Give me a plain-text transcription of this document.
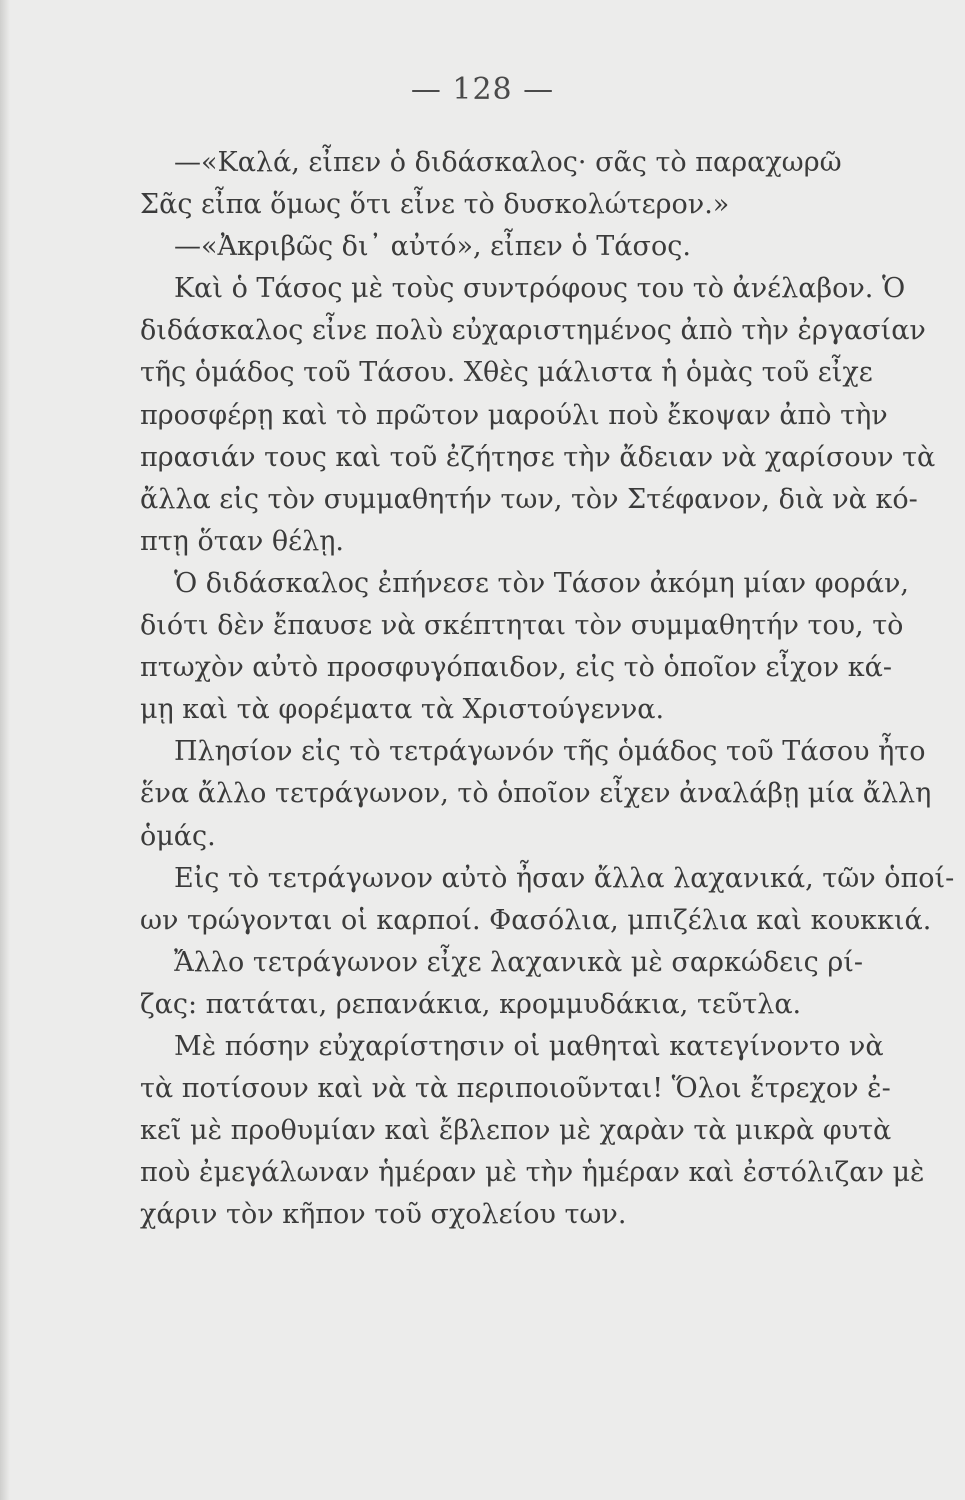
— 128 —
—«Καλά, εἶπεν ὁ διδάσκαλος· σᾶς τὸ παραχωρῶ
Σᾶς εἶπα ὅμως ὅτι εἶνε τὸ δυσκολώτερον.»
—«Ἀκριβῶς δι᾽ αὐτό», εἶπεν ὁ Τάσος.
Καὶ ὁ Τάσος μὲ τοὺς συντρόφους του τὸ ἀνέλαβον. Ὁ
διδάσκαλος εἶνε πολὺ εὐχαριστημένος ἀπὸ τὴν ἐργασίαν
τῆς ὁμάδος τοῦ Τάσου. Χθὲς μάλιστα ἡ ὁμὰς τοῦ εἶχε
προσφέρῃ καὶ τὸ πρῶτον μαρούλι ποὺ ἔκοψαν ἀπὸ τὴν
πρασιάν τους καὶ τοῦ ἐζήτησε τὴν ἄδειαν νὰ χαρίσουν τὰ
ἄλλα εἰς τὸν συμμαθητήν των, τὸν Στέφανον, διὰ νὰ κό-
πτῃ ὅταν θέλῃ.
Ὁ διδάσκαλος ἐπήνεσε τὸν Τάσον ἀκόμη μίαν φοράν,
διότι δὲν ἔπαυσε νὰ σκέπτηται τὸν συμμαθητήν του, τὸ
πτωχὸν αὐτὸ προσφυγόπαιδον, εἰς τὸ ὁποῖον εἶχον κά-
μῃ καὶ τὰ φορέματα τὰ Χριστούγεννα.
Πλησίον εἰς τὸ τετράγωνόν τῆς ὁμάδος τοῦ Τάσου ἦτο
ἕνα ἄλλο τετράγωνον, τὸ ὁποῖον εἶχεν ἀναλάβῃ μία ἄλλη
ὁμάς.
Εἰς τὸ τετράγωνον αὐτὸ ἦσαν ἄλλα λαχανικά, τῶν ὁποί-
ων τρώγονται οἱ καρποί. Φασόλια, μπιζέλια καὶ κουκκιά.
Ἄλλο τετράγωνον εἶχε λαχανικὰ μὲ σαρκώδεις ρί-
ζας: πατάται, ρεπανάκια, κρομμυδάκια, τεῦτλα.
Μὲ πόσην εὐχαρίστησιν οἱ μαθηταὶ κατεγίνοντο νὰ
τὰ ποτίσουν καὶ νὰ τὰ περιποιοῦνται! Ὅλοι ἔτρεχον ἐ-
κεῖ μὲ προθυμίαν καὶ ἔβλεπον μὲ χαρὰν τὰ μικρὰ φυτὰ
ποὺ ἐμεγάλωναν ἡμέραν μὲ τὴν ἡμέραν καὶ ἐστόλιζαν μὲ
χάριν τὸν κῆπον τοῦ σχολείου των.
